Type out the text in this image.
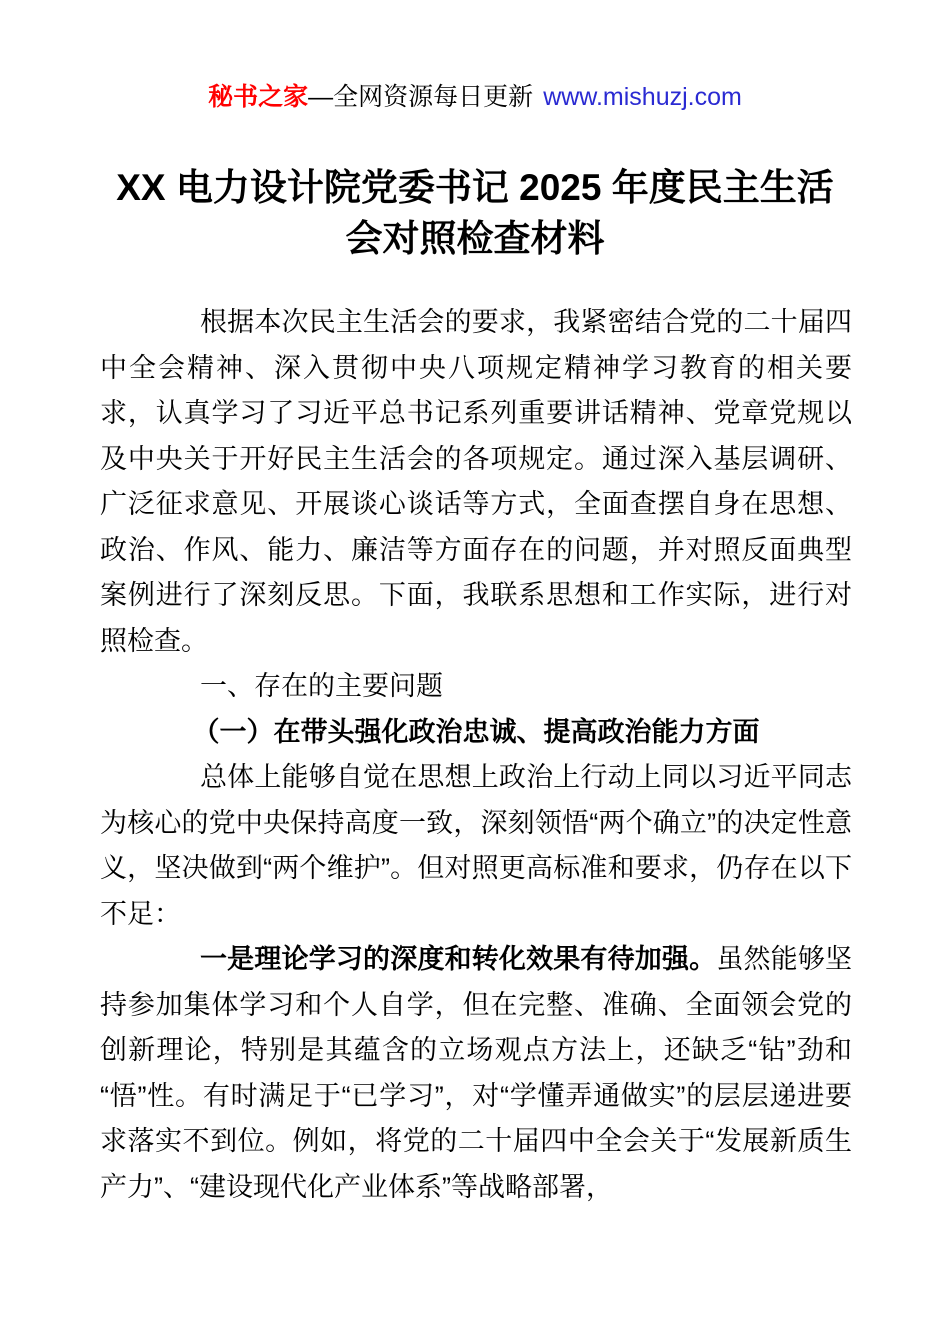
秘书之家—全网资源每日更新 www.mishuzj.com
XX 电力设计院党委书记 2025 年度民主生活
会对照检查材料

根据本次民主生活会的要求，我紧密结合党的二十届四中全会精神、深入贯彻中央八项规定精神学习教育的相关要求，认真学习了习近平总书记系列重要讲话精神、党章党规以及中央关于开好民主生活会的各项规定。通过深入基层调研、广泛征求意见、开展谈心谈话等方式，全面查摆自身在思想、政治、作风、能力、廉洁等方面存在的问题，并对照反面典型案例进行了深刻反思。下面，我联系思想和工作实际，进行对照检查。

一、存在的主要问题

（一）在带头强化政治忠诚、提高政治能力方面

总体上能够自觉在思想上政治上行动上同以习近平同志为核心的党中央保持高度一致，深刻领悟“两个确立”的决定性意义，坚决做到“两个维护”。但对照更高标准和要求，仍存在以下不足：

一是理论学习的深度和转化效果有待加强。虽然能够坚持参加集体学习和个人自学，但在完整、准确、全面领会党的创新理论，特别是其蕴含的立场观点方法上，还缺乏“钻”劲和“悟”性。有时满足于“已学习”，对“学懂弄通做实”的层层递进要求落实不到位。例如，将党的二十届四中全会关于“发展新质生产力”、“建设现代化产业体系”等战略部署，
